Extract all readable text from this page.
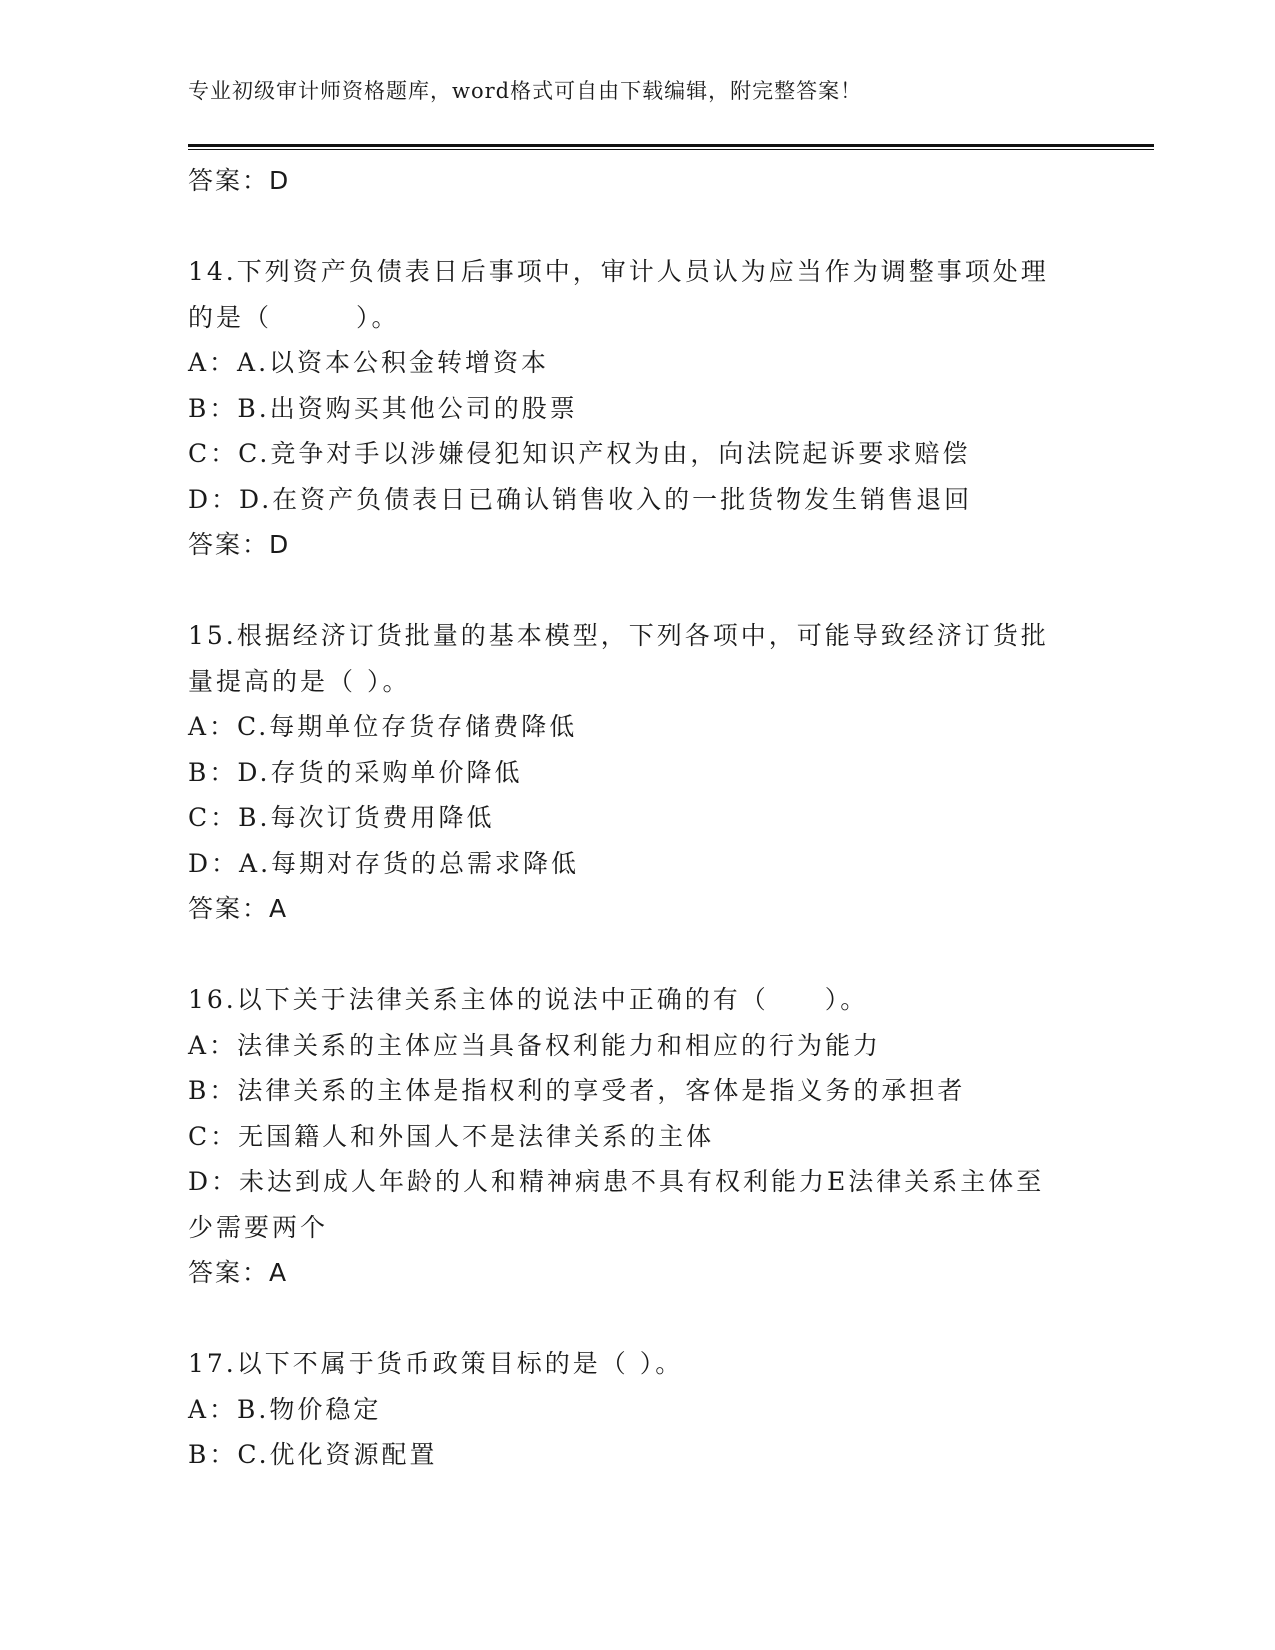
专业初级审计师资格题库，word格式可自由下载编辑，附完整答案！
答案：D
14.下列资产负债表日后事项中，审计人员认为应当作为调整事项处理
的是（　　　）。
A：A.以资本公积金转增资本
B：B.出资购买其他公司的股票
C：C.竞争对手以涉嫌侵犯知识产权为由，向法院起诉要求赔偿
D：D.在资产负债表日已确认销售收入的一批货物发生销售退回
答案：D
15.根据经济订货批量的基本模型，下列各项中，可能导致经济订货批
量提高的是（ ）。
A：C.每期单位存货存储费降低
B：D.存货的采购单价降低
C：B.每次订货费用降低
D：A.每期对存货的总需求降低
答案：A
16.以下关于法律关系主体的说法中正确的有（　　）。
A：法律关系的主体应当具备权利能力和相应的行为能力
B：法律关系的主体是指权利的享受者，客体是指义务的承担者
C：无国籍人和外国人不是法律关系的主体
D：未达到成人年龄的人和精神病患不具有权利能力E法律关系主体至
少需要两个
答案：A
17.以下不属于货币政策目标的是（ ）。
A：B.物价稳定
B：C.优化资源配置
